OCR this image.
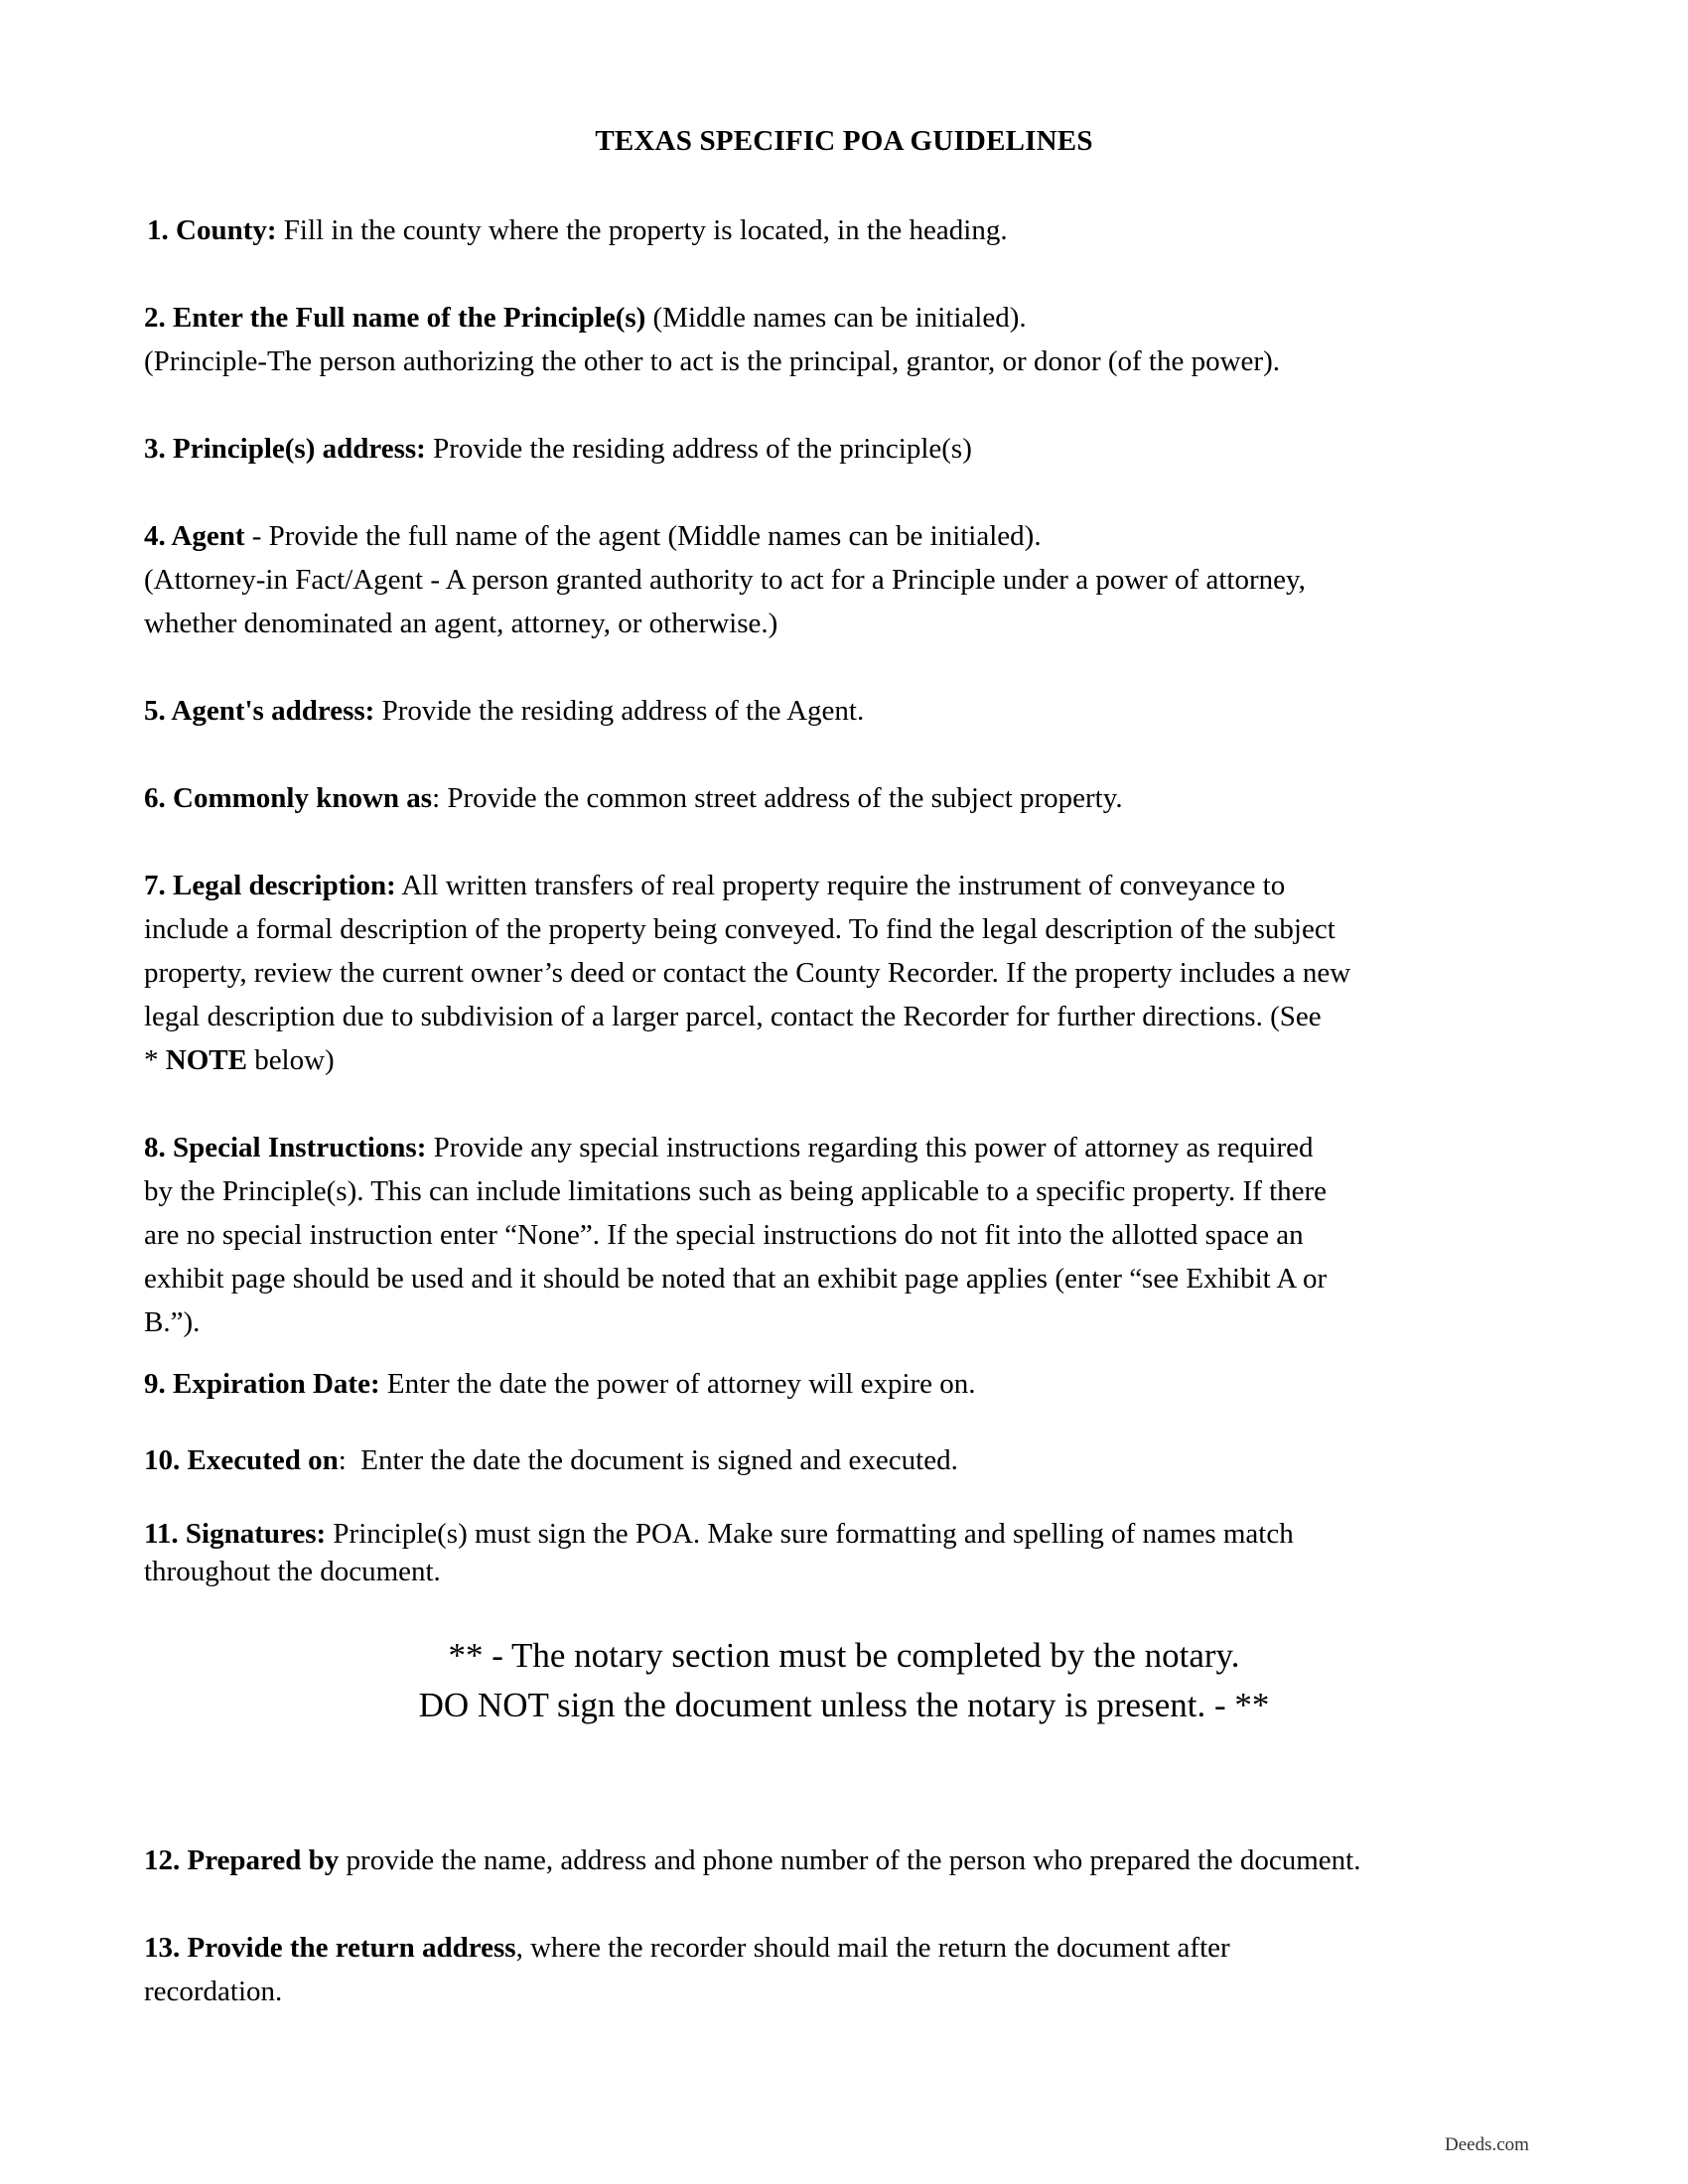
TEXAS SPECIFIC POA GUIDELINES
1. County: Fill in the county where the property is located, in the heading.
2. Enter the Full name of the Principle(s) (Middle names can be initialed).
(Principle-The person authorizing the other to act is the principal, grantor, or donor (of the power).
3. Principle(s) address: Provide the residing address of the principle(s)
4. Agent - Provide the full name of the agent (Middle names can be initialed).
(Attorney-in Fact/Agent - A person granted authority to act for a Principle under a power of attorney,
whether denominated an agent, attorney, or otherwise.)
5. Agent's address: Provide the residing address of the Agent.
6. Commonly known as: Provide the common street address of the subject property.
7. Legal description: All written transfers of real property require the instrument of conveyance to
include a formal description of the property being conveyed. To find the legal description of the subject
property, review the current owner’s deed or contact the County Recorder. If the property includes a new
legal description due to subdivision of a larger parcel, contact the Recorder for further directions. (See
* NOTE below)
8. Special Instructions: Provide any special instructions regarding this power of attorney as required
by the Principle(s). This can include limitations such as being applicable to a specific property. If there
are no special instruction enter “None”. If the special instructions do not fit into the allotted space an
exhibit page should be used and it should be noted that an exhibit page applies (enter “see Exhibit A or
B.”).
9. Expiration Date: Enter the date the power of attorney will expire on.
10. Executed on:  Enter the date the document is signed and executed.
11. Signatures: Principle(s) must sign the POA. Make sure formatting and spelling of names match
throughout the document.
** - The notary section must be completed by the notary.
DO NOT sign the document unless the notary is present. - **
12. Prepared by provide the name, address and phone number of the person who prepared the document.
13. Provide the return address, where the recorder should mail the return the document after
recordation.
Deeds.com
